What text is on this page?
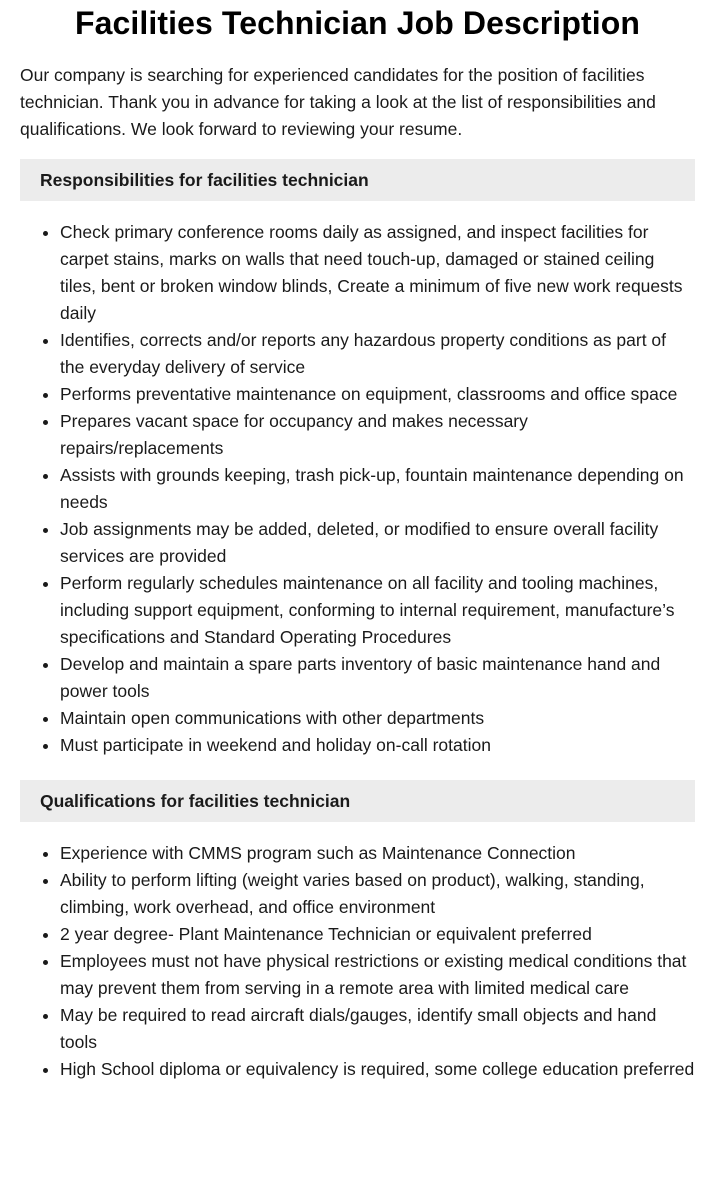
Facilities Technician Job Description

Our company is searching for experienced candidates for the position of facilities technician. Thank you in advance for taking a look at the list of responsibilities and qualifications. We look forward to reviewing your resume.

Responsibilities for facilities technician
• Check primary conference rooms daily as assigned, and inspect facilities for carpet stains, marks on walls that need touch-up, damaged or stained ceiling tiles, bent or broken window blinds, Create a minimum of five new work requests daily
• Identifies, corrects and/or reports any hazardous property conditions as part of the everyday delivery of service
• Performs preventative maintenance on equipment, classrooms and office space
• Prepares vacant space for occupancy and makes necessary repairs/replacements
• Assists with grounds keeping, trash pick-up, fountain maintenance depending on needs
• Job assignments may be added, deleted, or modified to ensure overall facility services are provided
• Perform regularly schedules maintenance on all facility and tooling machines, including support equipment, conforming to internal requirement, manufacture’s specifications and Standard Operating Procedures
• Develop and maintain a spare parts inventory of basic maintenance hand and power tools
• Maintain open communications with other departments
• Must participate in weekend and holiday on-call rotation
Qualifications for facilities technician
• Experience with CMMS program such as Maintenance Connection
• Ability to perform lifting (weight varies based on product), walking, standing, climbing, work overhead, and office environment
• 2 year degree- Plant Maintenance Technician or equivalent preferred
• Employees must not have physical restrictions or existing medical conditions that may prevent them from serving in a remote area with limited medical care
• May be required to read aircraft dials/gauges, identify small objects and hand tools
• High School diploma or equivalency is required, some college education preferred
